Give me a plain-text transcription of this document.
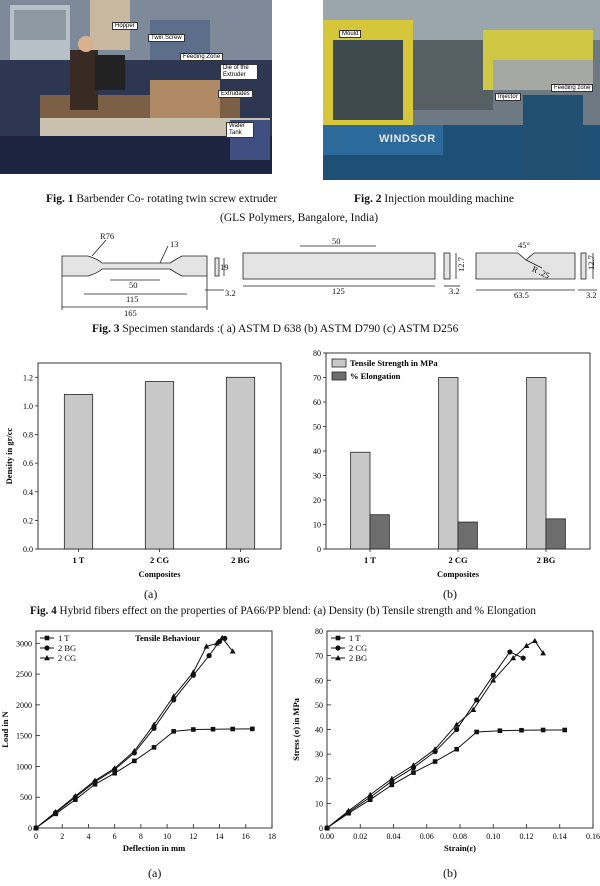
Hopper
Twin Screw
Feeding Zone
Die of the Extruder
Extrudates
Water Tank	WINDSOR
Mould
Injector
Feeding zone
Fig. 1 Barbender Co- rotating twin screw extruder	Fig. 2 Injection moulding machine
(GLS Polymers, Bangalore, India)
R76
13
19
50
115
165
3.2
50
125
12.7
3.2
45°
R .25
63.5
12.7
3.2
Fig. 3 Specimen standards :( a) ASTM D 638 (b) ASTM D790 (c) ASTM D256
0.0
0.2
0.4
0.6
0.8
1.0
1.2
1 T	2 CG	2 BG
Composites
Density in gr/cc
0
10
20
30
40
50
60
70
80
1 T	2 CG	2 BG
Composites
Tensile Strength in MPa
% Elongation
(a)	(b)
Fig. 4 Hybrid fibers effect on the properties of PA66/PP blend: (a) Density (b) Tensile strength and % Elongation
0
500
1000
1500
2000
2500
3000
0	2	4	6	8	10 12 14 16 18
Deflection in mm
Load in N
Tensile Behaviour
1 T
2 BG
2 CG
0
10
20
30
40
50
60
70
80
0.00 0.02 0.04 0.06 0.08 0.10 0.12 0.14 0.16
Strain(ε)
Stress (σ) in MPa
1 T
2 CG
2 BG
(a)	(b)
